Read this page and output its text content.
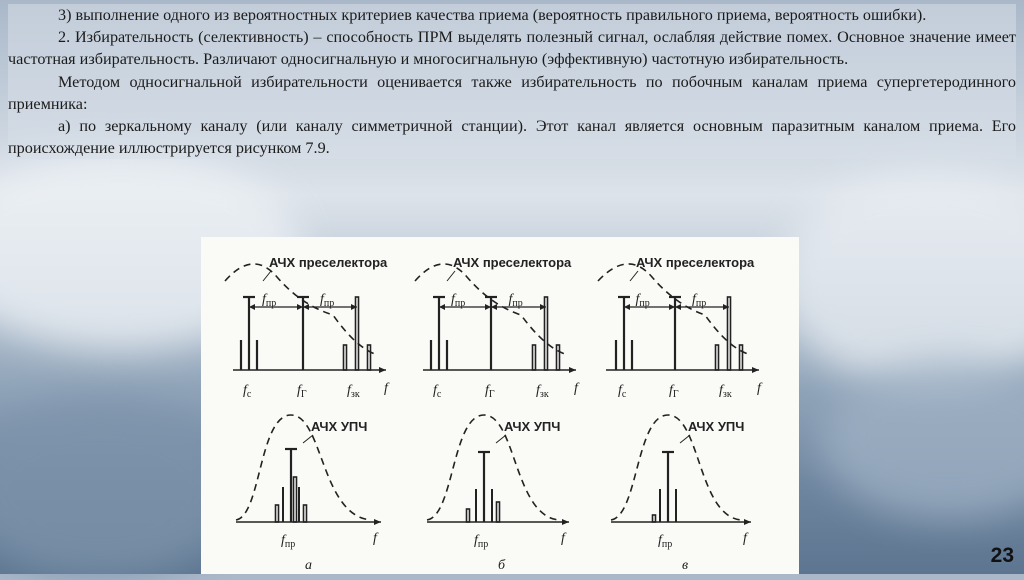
3) выполнение одного из вероятностных критериев качества приема (вероятность правильного приема, вероятность ошибки).

2. Избирательность (селективность) – способность ПРМ выделять полезный сигнал, ослабляя действие помех. Основное значение имеет частотная избирательность. Различают односигнальную и многосигнальную (эффективную) частотную избирательность.

Методом односигнальной избирательности оценивается также избирательность по побочным каналам приема супергетеродинного приемника:

а) по зеркальному каналу (или каналу симметричной станции). Этот канал является основным паразитным каналом приема. Его происхождение иллюстрируется рисунком 7.9.

АЧХ преселектора
$f_{пр}$	$f_{пр}$
$f_с$	$f_Г$	$f_{зк}$ f
АЧХ преселектора
$f_{пр}$	$f_{пр}$
$f_с$	$f_Г$	$f_{зк}$ f
АЧХ преселектора
$f_{пр}$	$f_{пр}$
$f_с$	$f_Г$	$f_{зк}$ f
АЧХ УПЧ
$f_{пр}$	f
а
АЧХ УПЧ
$f_{пр}$	f
б
АЧХ УПЧ
$f_{пр}$	f
в	23
